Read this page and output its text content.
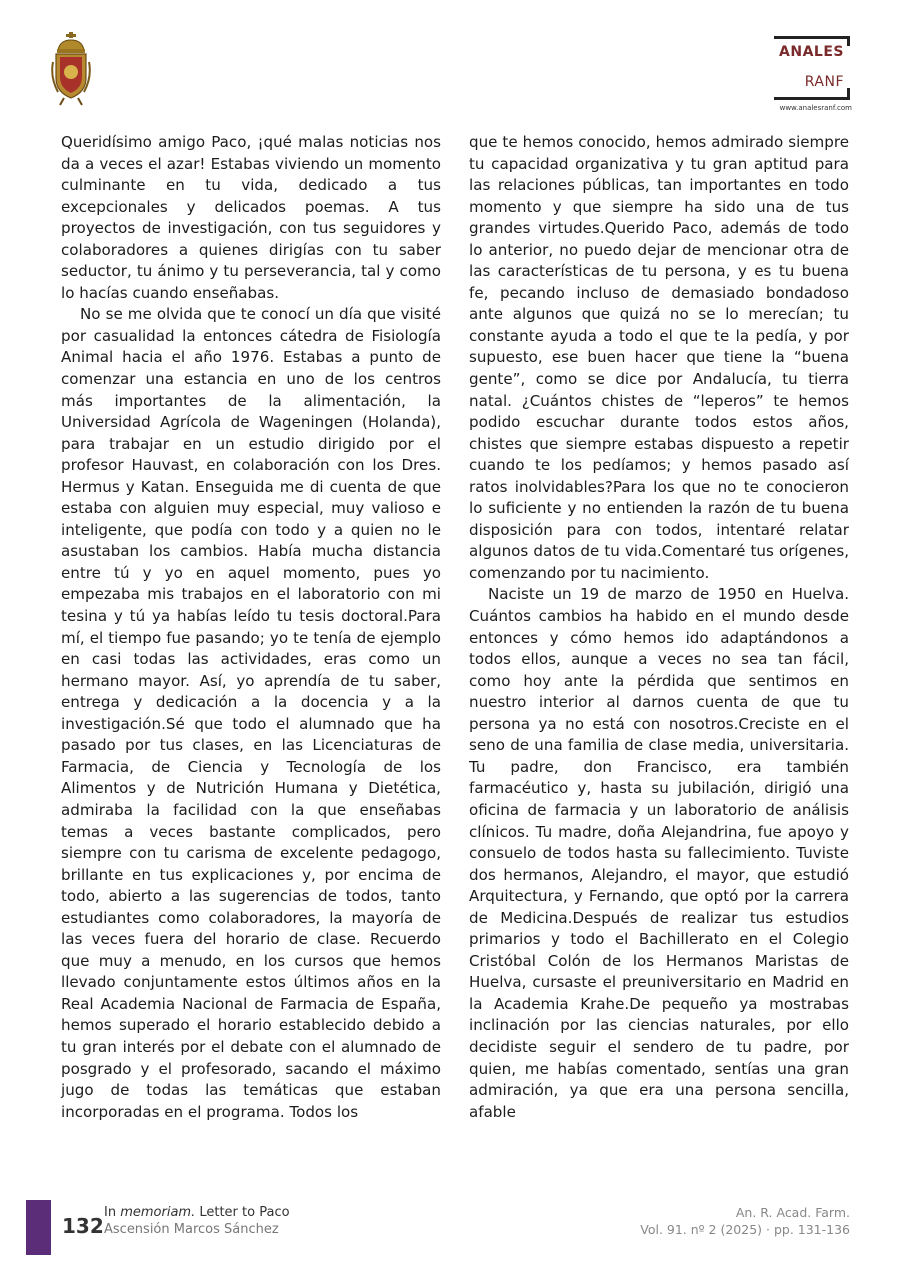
ANALES
RANF
www.analesranf.com

Queridísimo amigo Paco, ¡qué malas noticias nos da a veces el azar! Estabas viviendo un momento culminante en tu vida, dedicado a tus excepcionales y delicados poemas. A tus proyectos de investigación, con tus seguidores y colaboradores a quienes dirigías con tu saber seductor, tu ánimo y tu perseverancia, tal y como lo hacías cuando enseñabas.

No se me olvida que te conocí un día que visité por casualidad la entonces cátedra de Fisiología Animal hacia el año 1976. Estabas a punto de comenzar una estancia en uno de los centros más importantes de la alimentación, la Universidad Agrícola de Wageningen (Holanda), para trabajar en un estudio dirigido por el profesor Hauvast, en colaboración con los Dres. Hermus y Katan. Enseguida me di cuenta de que estaba con alguien muy especial, muy valioso e inteligente, que podía con todo y a quien no le asustaban los cambios. Había mucha distancia entre tú y yo en aquel momento, pues yo empezaba mis trabajos en el laboratorio con mi tesina y tú ya habías leído tu tesis doctoral.Para mí, el tiempo fue pasando; yo te tenía de ejemplo en casi todas las actividades, eras como un hermano mayor. Así, yo aprendía de tu saber, entrega y dedicación a la docencia y a la investigación.Sé que todo el alumnado que ha pasado por tus clases, en las Licenciaturas de Farmacia, de Ciencia y Tecnología de los Alimentos y de Nutrición Humana y Dietética, admiraba la facilidad con la que enseñabas temas a veces bastante complicados, pero siempre con tu carisma de excelente pedagogo, brillante en tus explicaciones y, por encima de todo, abierto a las sugerencias de todos, tanto estudiantes como colaboradores, la mayoría de las veces fuera del horario de clase. Recuerdo que muy a menudo, en los cursos que hemos llevado conjuntamente estos últimos años en la Real Academia Nacional de Farmacia de España, hemos superado el horario establecido debido a tu gran interés por el debate con el alumnado de posgrado y el profesorado, sacando el máximo jugo de todas las temáticas que estaban incorporadas en el programa. Todos los

que te hemos conocido, hemos admirado siempre tu capacidad organizativa y tu gran aptitud para las relaciones públicas, tan importantes en todo momento y que siempre ha sido una de tus grandes virtudes.Querido Paco, además de todo lo anterior, no puedo dejar de mencionar otra de las características de tu persona, y es tu buena fe, pecando incluso de demasiado bondadoso ante algunos que quizá no se lo merecían; tu constante ayuda a todo el que te la pedía, y por supuesto, ese buen hacer que tiene la “buena gente”, como se dice por Andalucía, tu tierra natal. ¿Cuántos chistes de “leperos” te hemos podido escuchar durante todos estos años, chistes que siempre estabas dispuesto a repetir cuando te los pedíamos; y hemos pasado así ratos inolvidables?Para los que no te conocieron lo suficiente y no entienden la razón de tu buena disposición para con todos, intentaré relatar algunos datos de tu vida.Comentaré tus orígenes, comenzando por tu nacimiento.

Naciste un 19 de marzo de 1950 en Huelva. Cuántos cambios ha habido en el mundo desde entonces y cómo hemos ido adaptándonos a todos ellos, aunque a veces no sea tan fácil, como hoy ante la pérdida que sentimos en nuestro interior al darnos cuenta de que tu persona ya no está con nosotros.Creciste en el seno de una familia de clase media, universitaria. Tu padre, don Francisco, era también farmacéutico y, hasta su jubilación, dirigió una oficina de farmacia y un laboratorio de análisis clínicos. Tu madre, doña Alejandrina, fue apoyo y consuelo de todos hasta su fallecimiento. Tuviste dos hermanos, Alejandro, el mayor, que estudió Arquitectura, y Fernando, que optó por la carrera de Medicina.Después de realizar tus estudios primarios y todo el Bachillerato en el Colegio Cristóbal Colón de los Hermanos Maristas de Huelva, cursaste el preuniversitario en Madrid en la Academia Krahe.De pequeño ya mostrabas inclinación por las ciencias naturales, por ello decidiste seguir el sendero de tu padre, por quien, me habías comentado, sentías una gran admiración, ya que era una persona sencilla, afable

132
In memoriam. Letter to Paco
Ascensión Marcos Sánchez
An. R. Acad. Farm.
Vol. 91. nº 2 (2025) · pp. 131-136
